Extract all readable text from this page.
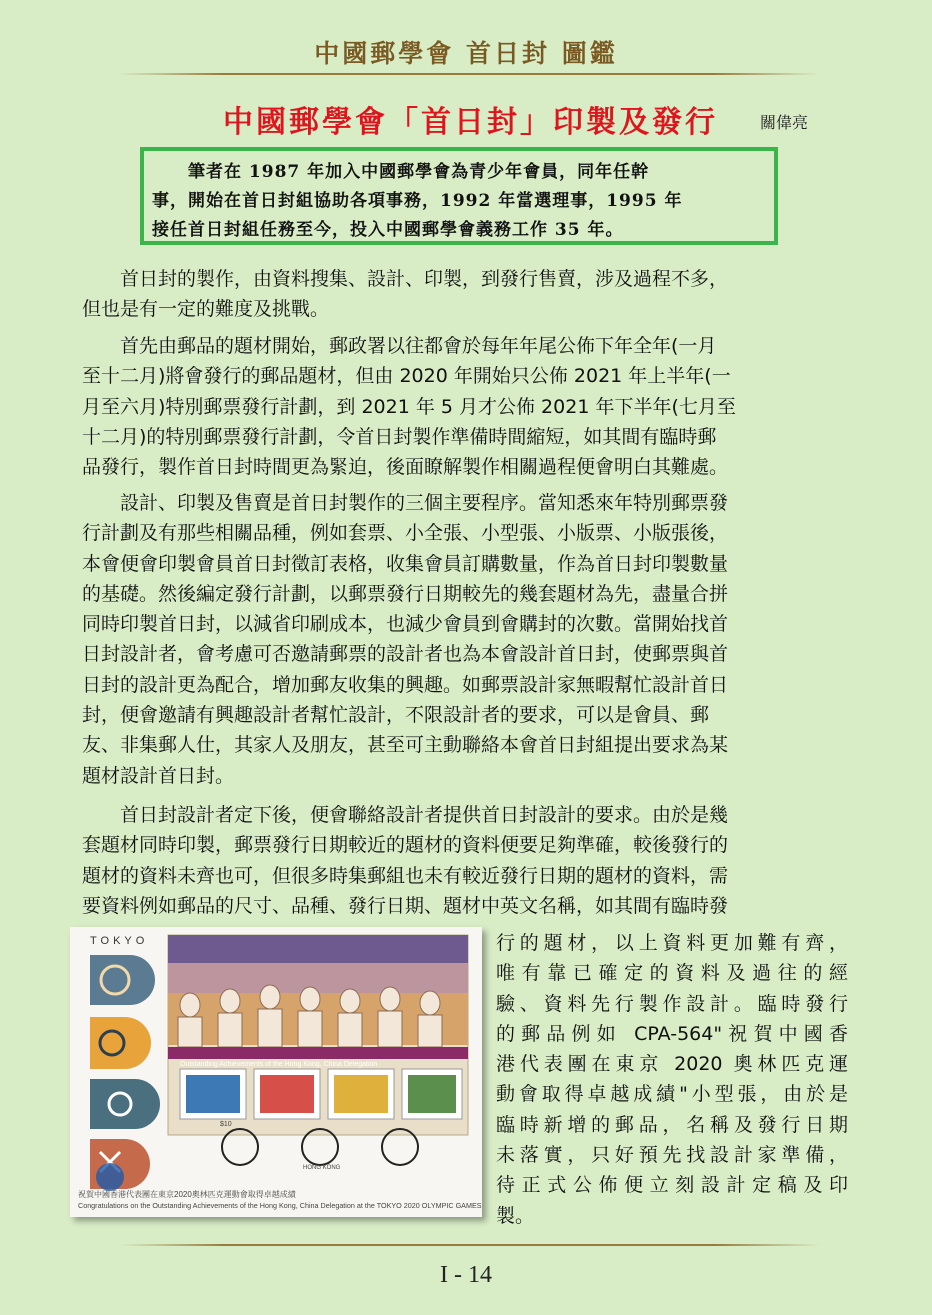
中國郵學會 首日封 圖鑑
中國郵學會「首日封」印製及發行	關偉亮
　　筆者在 1987 年加入中國郵學會為青少年會員，同年任幹
事，開始在首日封組協助各項事務，1992 年當選理事，1995 年
接任首日封組任務至今，投入中國郵學會義務工作 35 年。
首日封的製作，由資料搜集、設計、印製，到發行售賣，涉及過程不多，
但也是有一定的難度及挑戰。
首先由郵品的題材開始，郵政署以往都會於每年年尾公佈下年全年(一月
至十二月)將會發行的郵品題材，但由 2020 年開始只公佈 2021 年上半年(一
月至六月)特別郵票發行計劃，到 2021 年 5 月才公佈 2021 年下半年(七月至
十二月)的特別郵票發行計劃，令首日封製作準備時間縮短，如其間有臨時郵
品發行，製作首日封時間更為緊迫，後面瞭解製作相關過程便會明白其難處。
設計、印製及售賣是首日封製作的三個主要程序。當知悉來年特別郵票發
行計劃及有那些相關品種，例如套票、小全張、小型張、小版票、小版張後，
本會便會印製會員首日封徵訂表格，收集會員訂購數量，作為首日封印製數量
的基礎。然後編定發行計劃，以郵票發行日期較先的幾套題材為先，盡量合拼
同時印製首日封，以減省印刷成本，也減少會員到會購封的次數。當開始找首
日封設計者，會考慮可否邀請郵票的設計者也為本會設計首日封，使郵票與首
日封的設計更為配合，增加郵友收集的興趣。如郵票設計家無暇幫忙設計首日
封，便會邀請有興趣設計者幫忙設計，不限設計者的要求，可以是會員、郵
友、非集郵人仕，其家人及朋友，甚至可主動聯絡本會首日封組提出要求為某
題材設計首日封。
首日封設計者定下後，便會聯絡設計者提供首日封設計的要求。由於是幾
套題材同時印製，郵票發行日期較近的題材的資料便要足夠準確，較後發行的
題材的資料未齊也可，但很多時集郵組也未有較近發行日期的題材的資料，需
要資料例如郵品的尺寸、品種、發行日期、題材中英文名稱，如其間有臨時發
TOKYO
Outstanding Achievements of the Hong Kong, China Delegation
$10
HONG KONG
祝賀中國香港代表團在東京2020奧林匹克運動會取得卓越成績
Congratulations on the Outstanding Achievements of the Hong Kong, China Delegation at the TOKYO 2020 OLYMPIC GAMES
行的題材，以上資料更加難有齊，
唯有靠已確定的資料及過往的經
驗、資料先行製作設計。臨時發行
的郵品例如 CPA-564"祝賀中國香
港代表團在東京 2020 奧林匹克運
動會取得卓越成績"小型張，由於是
臨時新增的郵品，名稱及發行日期
未落實，只好預先找設計家準備，
待正式公佈便立刻設計定稿及印
製。
I - 14
